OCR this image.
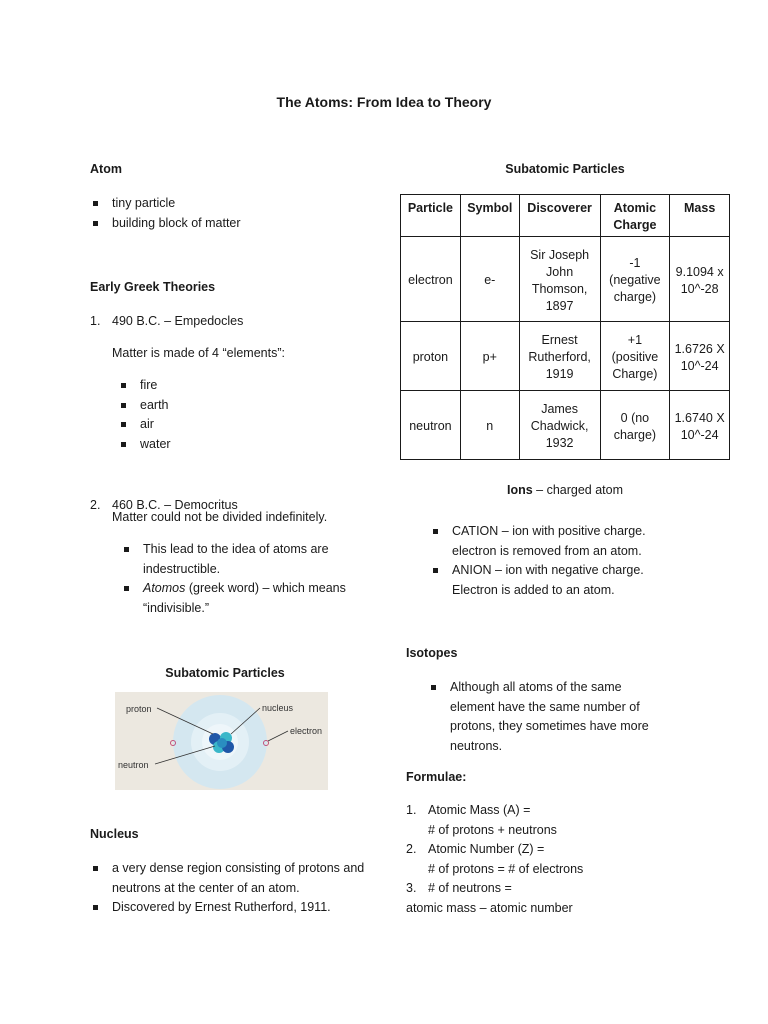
The Atoms: From Idea to Theory
Atom
tiny particle
building block of matter
Early Greek Theories
1. 490 B.C. – Empedocles
Matter is made of 4 “elements”:
fire
earth
air
water
2. 460 B.C. – Democritus
Matter could not be divided indefinitely.
This lead to the idea of atoms are indestructible.
Atomos (greek word) – which means “indivisible.”
Subatomic Particles
proton	nucleus
electron
neutron
Nucleus
a very dense region consisting of protons and neutrons at the center of an atom.
Discovered by Ernest Rutherford, 1911.
Subatomic Particles
Particle	Symbol	Discoverer	Atomic Charge	Mass
electron	e-	Sir Joseph John Thomson, 1897	-1 (negative charge)	9.1094 x 10^-28
proton	p+	Ernest Rutherford, 1919	+1 (positive Charge)	1.6726 X 10^-24
neutron	n	James Chadwick, 1932	0 (no charge)	1.6740 X 10^-24
Ions – charged atom
CATION – ion with positive charge. electron is removed from an atom.
ANION – ion with negative charge. Electron is added to an atom.
Isotopes
Although all atoms of the same element have the same number of protons, they sometimes have more neutrons.
Formulae:
1. Atomic Mass (A) =
# of protons + neutrons
2. Atomic Number (Z) =
# of protons = # of electrons
3. # of neutrons =
atomic mass – atomic number
